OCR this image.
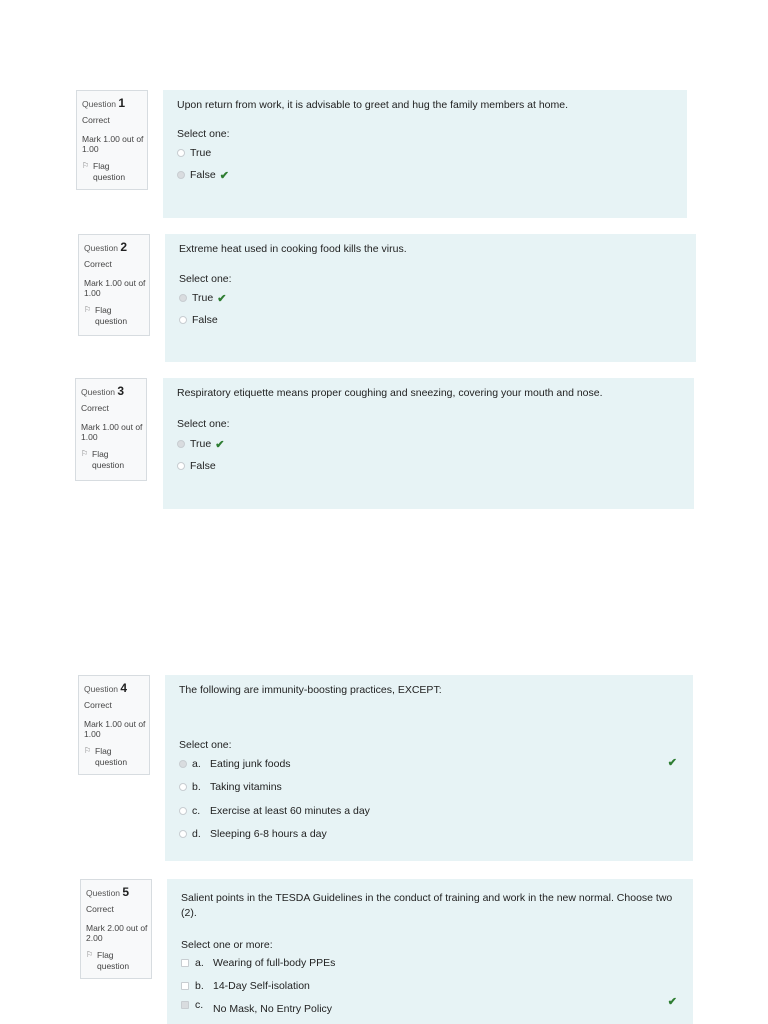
Question 1
Correct
Mark 1.00 out of 1.00
⚐ Flag question
Upon return from work, it is advisable to greet and hug the family members at home.
Select one:
True
False ✔
Question 2
Correct
Mark 1.00 out of 1.00
⚐ Flag question
Extreme heat used in cooking food kills the virus.
Select one:
True ✔
False
Question 3
Correct
Mark 1.00 out of 1.00
⚐ Flag question
Respiratory etiquette means proper coughing and sneezing, covering your mouth and nose.
Select one:
True ✔
False
Question 4
Correct
Mark 1.00 out of 1.00
⚐ Flag question
The following are immunity-boosting practices, EXCEPT:
Select one:
a. Eating junk foods	✔
b. Taking vitamins
c. Exercise at least 60 minutes a day
d. Sleeping 6-8 hours a day
Question 5
Correct
Mark 2.00 out of 2.00
⚐ Flag question
Salient points in the TESDA Guidelines in the conduct of training and work in the new normal. Choose two (2).
Select one or more:
a. Wearing of full-body PPEs
b. 14-Day Self-isolation
c. No Mask, No Entry Policy
✔
